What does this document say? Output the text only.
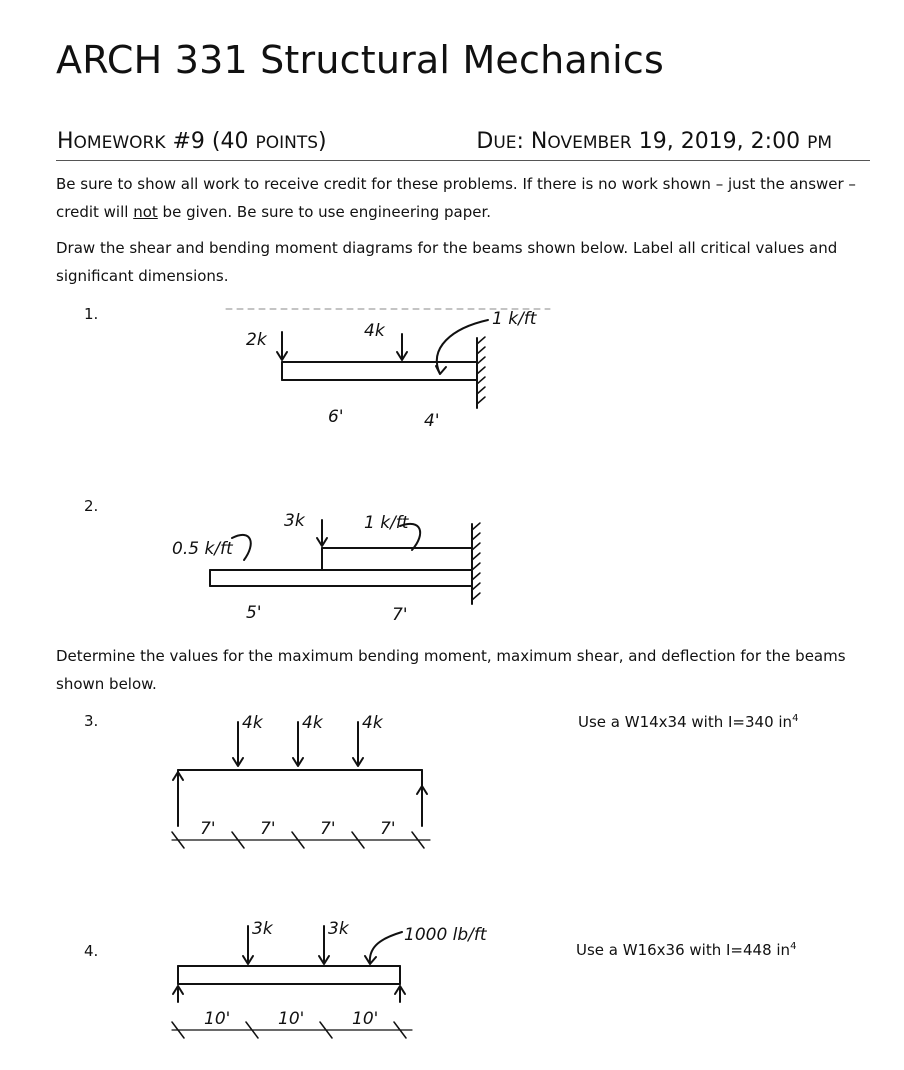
ARCH 331 Structural Mechanics
HOMEWORK #9 (40 POINTS)	DUE: NOVEMBER 19, 2019, 2:00 PM
Be sure to show all work to receive credit for these problems. If there is no work shown – just the answer – credit will not be given. Be sure to use engineering paper.
Draw the shear and bending moment diagrams for the beams shown below. Label all critical values and significant dimensions.
Determine the values for the maximum bending moment, maximum shear, and deflection for the beams shown below.
1.
2.
3.
4.
Use a W14x34 with I=340 $in^4$
Use a W16x36 with I=448 $in^4$
2k	4k
1 k/ft
6'	4'
0.5 k/ft
3k	1 k/ft
5'	7'
4k 4k 4k
7'	7'	7'	7'
3k	3k	1000 lb/ft
10'	10'	10'
